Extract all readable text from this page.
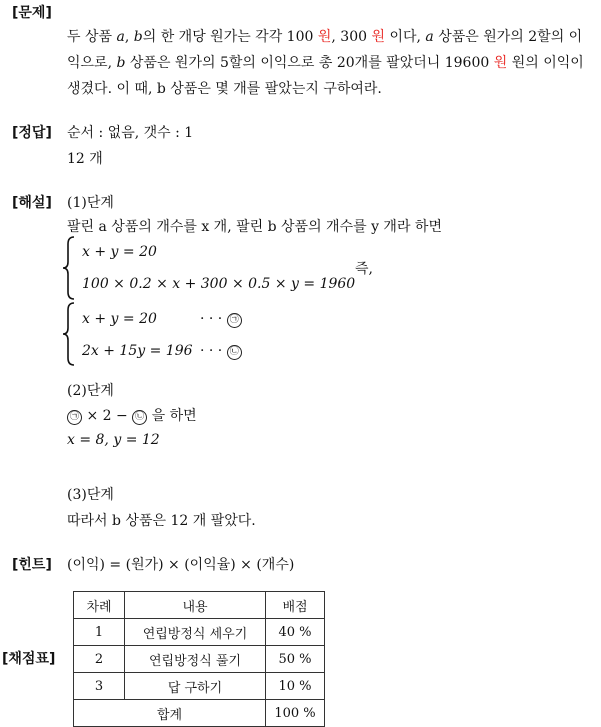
[문제]
두 상품 a, b의 한 개당 원가는 각각 100 원, 300 원 이다, a 상품은 원가의 2할의 이
익으로, b 상품은 원가의 5할의 이익으로 총 20개를 팔았더니 19600 원 원의 이익이
생겼다. 이 때, b 상품은 몇 개를 팔았는지 구하여라.
[정답] 순서 : 없음, 갯수 : 1
12 개
[해설] (1)단계
팔린 a 상품의 개수를 x 개, 팔린 b 상품의 개수를 y 개라 하면
x + y = 20
100 × 0.2 × x + 300 × 0.5 × y = 1960
즉,
x + y = 20	· · · ㉠
2x + 15y = 196 · · · ㉡
(2)단계
㉠ × 2 − ㉡ 을 하면
x = 8, y = 12
(3)단계
따라서 b 상품은 12 개 팔았다.
[힌트] (이익) = (원가) × (이익율) × (개수)
[채점표]
차례	내용	배점
1	연립방정식 세우기	40 %
2	연립방정식 풀기	50 %
3	답 구하기	10 %
합계		100 %
